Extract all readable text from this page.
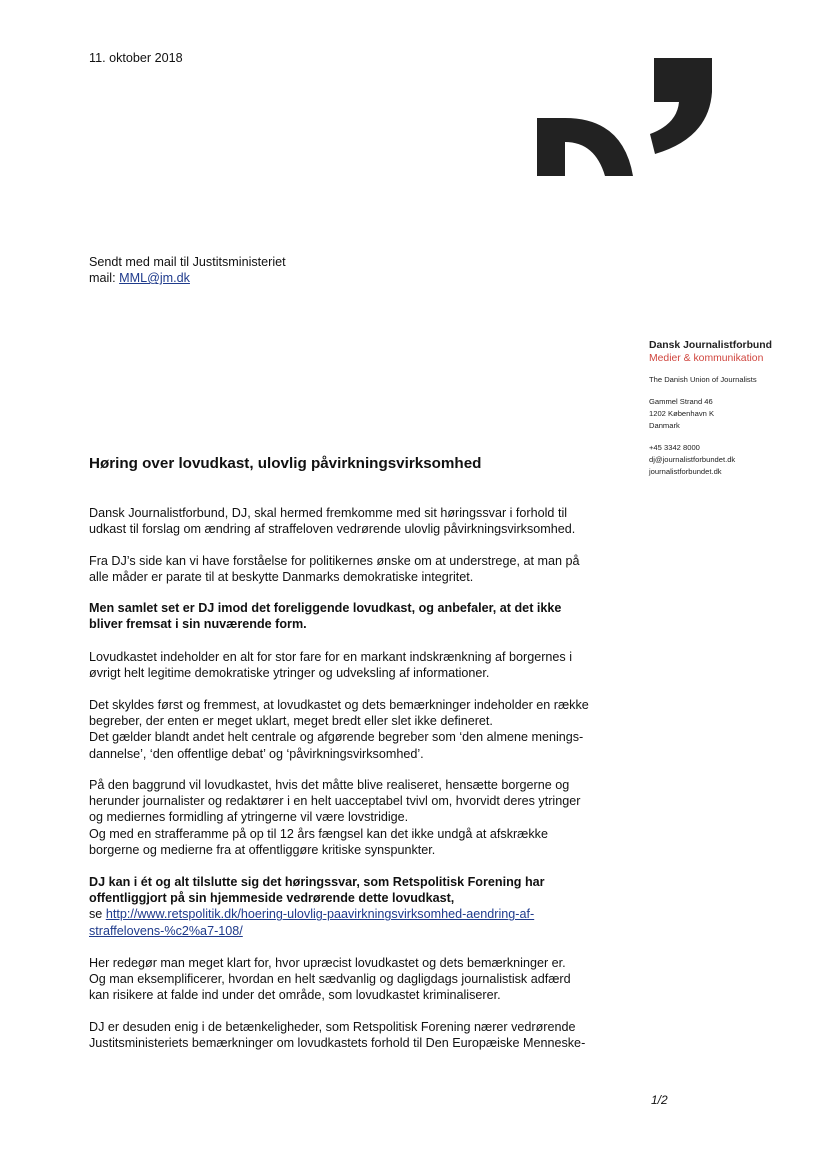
11. oktober 2018
Sendt med mail til Justitsministeriet
mail: MML@jm.dk
Dansk Journalistforbund
Medier & kommunikation
The Danish Union of Journalists
Gammel Strand 46
1202 København K
Danmark
+45 3342 8000
dj@journalistforbundet.dk
journalistforbundet.dk
Høring over lovudkast, ulovlig påvirkningsvirksomhed
Dansk Journalistforbund, DJ, skal hermed fremkomme med sit høringssvar i forhold til
udkast til forslag om ændring af straffeloven vedrørende ulovlig påvirkningsvirksomhed.
Fra DJ’s side kan vi have forståelse for politikernes ønske om at understrege, at man på
alle måder er parate til at beskytte Danmarks demokratiske integritet.
Men samlet set er DJ imod det foreliggende lovudkast, og anbefaler, at det ikke
bliver fremsat i sin nuværende form.
Lovudkastet indeholder en alt for stor fare for en markant indskrænkning af borgernes i
øvrigt helt legitime demokratiske ytringer og udveksling af informationer.
Det skyldes først og fremmest, at lovudkastet og dets bemærkninger indeholder en række
begreber, der enten er meget uklart, meget bredt eller slet ikke defineret.
Det gælder blandt andet helt centrale og afgørende begreber som ‘den almene menings-
dannelse’, ‘den offentlige debat’ og ‘påvirkningsvirksomhed’.
På den baggrund vil lovudkastet, hvis det måtte blive realiseret, hensætte borgerne og
herunder journalister og redaktører i en helt uacceptabel tvivl om, hvorvidt deres ytringer
og mediernes formidling af ytringerne vil være lovstridige.
Og med en strafferamme på op til 12 års fængsel kan det ikke undgå at afskrække
borgerne og medierne fra at offentliggøre kritiske synspunkter.
DJ kan i ét og alt tilslutte sig det høringssvar, som Retspolitisk Forening har
offentliggjort på sin hjemmeside vedrørende dette lovudkast,
se http://www.retspolitik.dk/hoering-ulovlig-paavirkningsvirksomhed-aendring-af-
straffelovens-%c2%a7-108/
Her redegør man meget klart for, hvor upræcist lovudkastet og dets bemærkninger er.
Og man eksemplificerer, hvordan en helt sædvanlig og dagligdags journalistisk adfærd
kan risikere at falde ind under det område, som lovudkastet kriminaliserer.
DJ er desuden enig i de betænkeligheder, som Retspolitisk Forening nærer vedrørende
Justitsministeriets bemærkninger om lovudkastets forhold til Den Europæiske Menneske-
1/2
